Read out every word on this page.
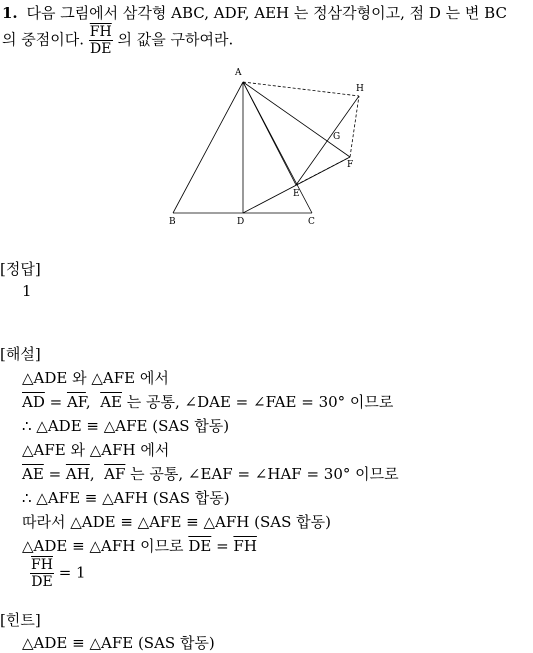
1. 다음 그림에서 삼각형 ABC, ADF, AEH 는 정삼각형이고, 점 D 는 변 BC
의 중점이다. $\frac{\overline{FH}}{DE}$ 의 값을 구하여라.
A
H
G
F
E
B	D	C
[정답]
1
[해설]
△ADE 와 △AFE 에서
$\overline{AD} = \overline{AF}$,  $\overline{AE}$ 는 공통, ∠DAE = ∠FAE = 30° 이므로
∴ △ADE ≡ △AFE (SAS 합동)
△AFE 와 △AFH 에서
$\overline{AE} = \overline{AH}$,  $\overline{AF}$ 는 공통, ∠EAF = ∠HAF = 30° 이므로
∴ △AFE ≡ △AFH (SAS 합동)
따라서 △ADE ≡ △AFE ≡ △AFH (SAS 합동)
△ADE ≡ △AFH 이므로 $\overline{DE} = \overline{FH}$
$\frac{\overline{FH}}{DE} = 1$
[힌트]
△ADE ≡ △AFE (SAS 합동)
